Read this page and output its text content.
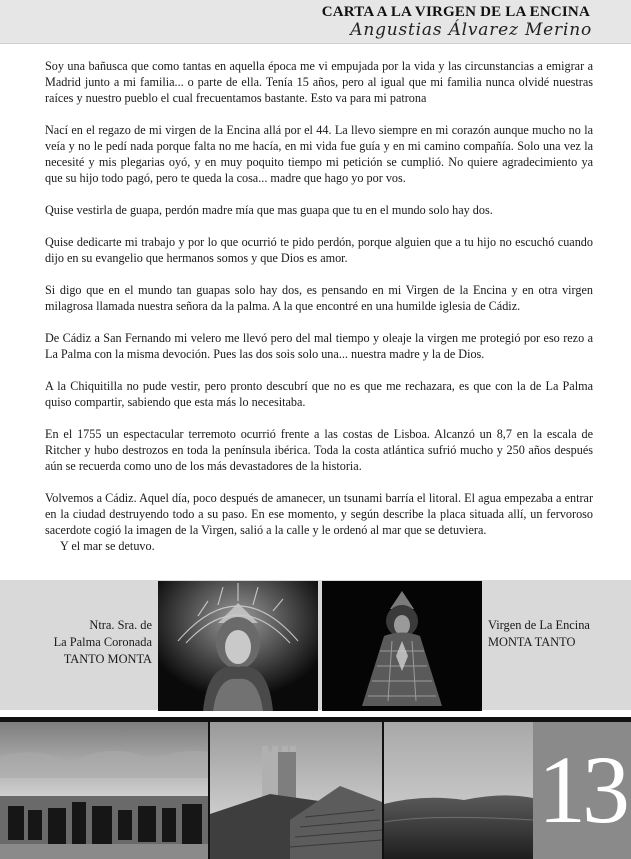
CARTA A LA VIRGEN DE LA ENCINA
Angustias Álvarez Merino

Soy una bañusca que como tantas en aquella época me vi empujada por la vida y las circunstancias a emigrar a Madrid junto a mi familia... o parte de ella. Tenía 15 años, pero al igual que mi familia nunca olvidé nuestras raíces y nuestro pueblo el cual frecuentamos bastante. Esto va para mi patrona

Nací en el regazo de mi virgen de la Encina allá por el 44. La llevo siempre en mi corazón aunque mucho no la veía y no le pedí nada porque falta no me hacía, en mi vida fue guía y en mi camino compañía. Solo una vez la necesité y mis plegarias oyó, y en muy poquito tiempo mi petición se cumplió. No quiere agradecimiento ya que su hijo todo pagó, pero te queda la cosa... madre que hago yo por vos.

Quise vestirla de guapa, perdón madre mía que mas guapa que tu en el mundo solo hay dos.

Quise dedicarte mi trabajo y por lo que ocurrió te pido perdón, porque alguien que a tu hijo no escuchó cuando dijo en su evangelio que hermanos somos y que Dios es amor.

Si digo que en el mundo tan guapas solo hay dos, es pensando en mi Virgen de la Encina y en otra virgen milagrosa llamada nuestra señora da la palma. A la que encontré en una humilde iglesia de Cádiz.

De Cádiz a San Fernando mi velero me llevó pero del mal tiempo y oleaje la virgen me protegió por eso rezo a La Palma con la misma devoción. Pues las dos sois solo una... nuestra madre y la de Dios.

A la Chiquitilla no pude vestir, pero pronto descubrí que no es que me rechazara, es que con la de La Palma quiso compartir, sabiendo que esta más lo necesitaba.

En el 1755 un espectacular terremoto ocurrió frente a las costas de Lisboa. Alcanzó un 8,7 en la escala de Ritcher y hubo destrozos en toda la península ibérica. Toda la costa atlántica sufrió mucho y 250 años después aún se recuerda como uno de los más devastadores de la historia.

Volvemos a Cádiz. Aquel día, poco después de amanecer, un tsunami barría el litoral. El agua empezaba a entrar en la ciudad destruyendo todo a su paso. En ese momento, y según describe la placa situada allí, un fervoroso sacerdote cogió la imagen de la Virgen, salió a la calle y le ordenó al mar que se detuviera.

Y el mar se detuvo.

Ntra. Sra. de
La Palma Coronada
TANTO MONTA
Virgen de La Encina
MONTA TANTO
13
